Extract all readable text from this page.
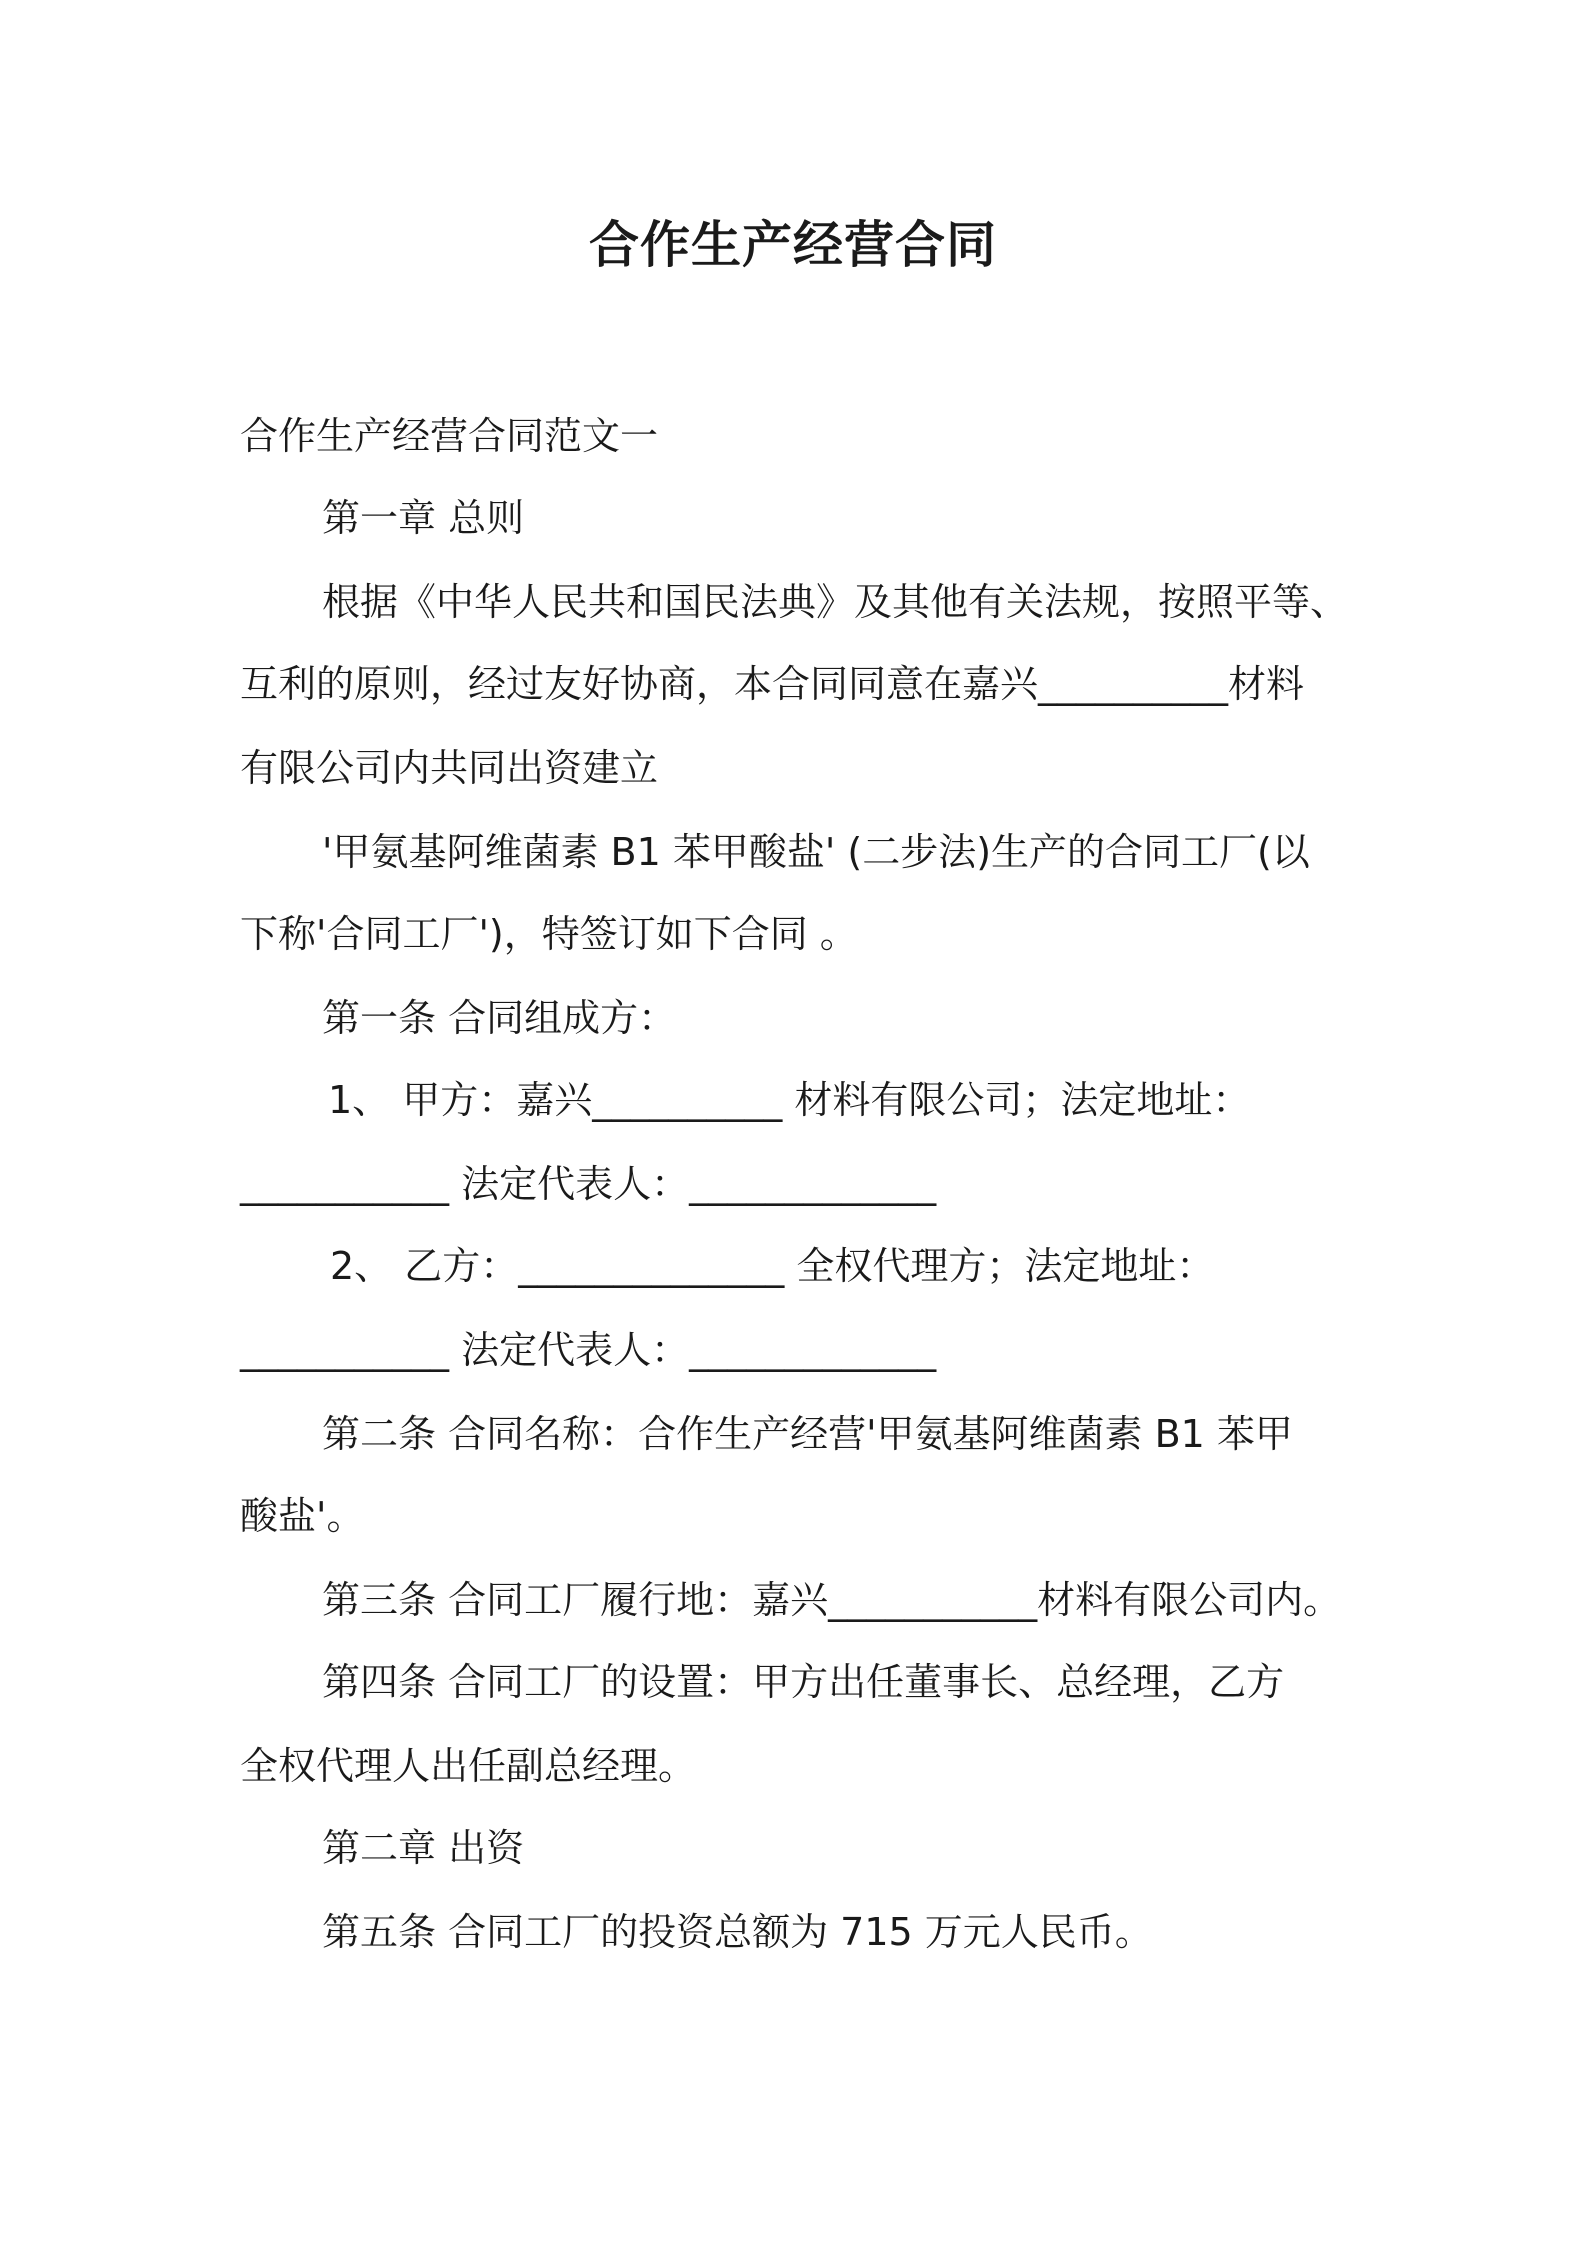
合作生产经营合同
合作生产经营合同范文一
第一章 总则
根据《中华人民共和国民法典》及其他有关法规，按照平等、
互利的原则，经过友好协商，本合同同意在嘉兴__________材料
有限公司内共同出资建立
'甲氨基阿维菌素 B1 苯甲酸盐' (二步法)生产的合同工厂(以
下称'合同工厂')，特签订如下合同 。
第一条 合同组成方：
1、 甲方：嘉兴__________ 材料有限公司；法定地址：
___________ 法定代表人：_____________
2、 乙方：______________ 全权代理方；法定地址：
___________ 法定代表人：_____________
第二条 合同名称：合作生产经营'甲氨基阿维菌素 B1 苯甲
酸盐'。
第三条 合同工厂履行地：嘉兴___________材料有限公司内。
第四条 合同工厂的设置：甲方出任董事长、总经理，乙方
全权代理人出任副总经理。
第二章 出资
第五条 合同工厂的投资总额为 715 万元人民币。
